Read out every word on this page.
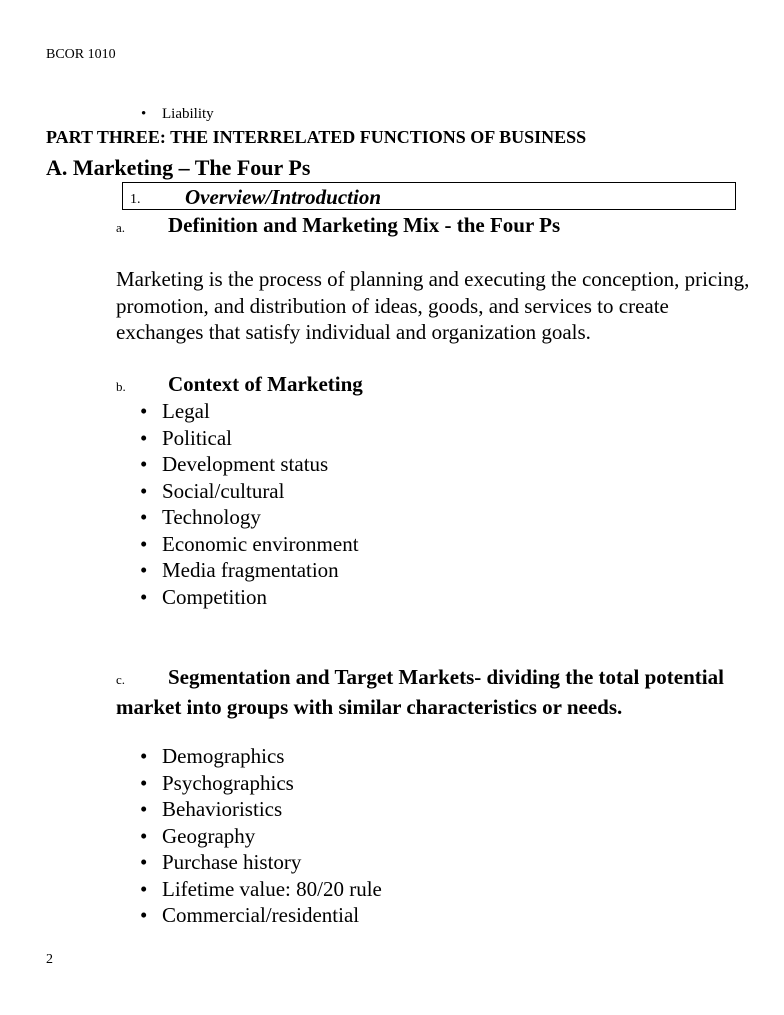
BCOR 1010
• Liability
PART THREE: THE INTERRELATED FUNCTIONS OF BUSINESS
A. Marketing – The Four Ps
1. Overview/Introduction
a. Definition and Marketing Mix - the Four Ps
Marketing is the process of planning and executing the conception, pricing, promotion, and distribution of ideas, goods, and services to create exchanges that satisfy individual and organization goals.
b. Context of Marketing
• Legal
• Political
• Development status
• Social/cultural
• Technology
• Economic environment
• Media fragmentation
• Competition
c. Segmentation and Target Markets- dividing the total potential market into groups with similar characteristics or needs.
• Demographics
• Psychographics
• Behavioristics
• Geography
• Purchase history
• Lifetime value: 80/20 rule
• Commercial/residential
2
